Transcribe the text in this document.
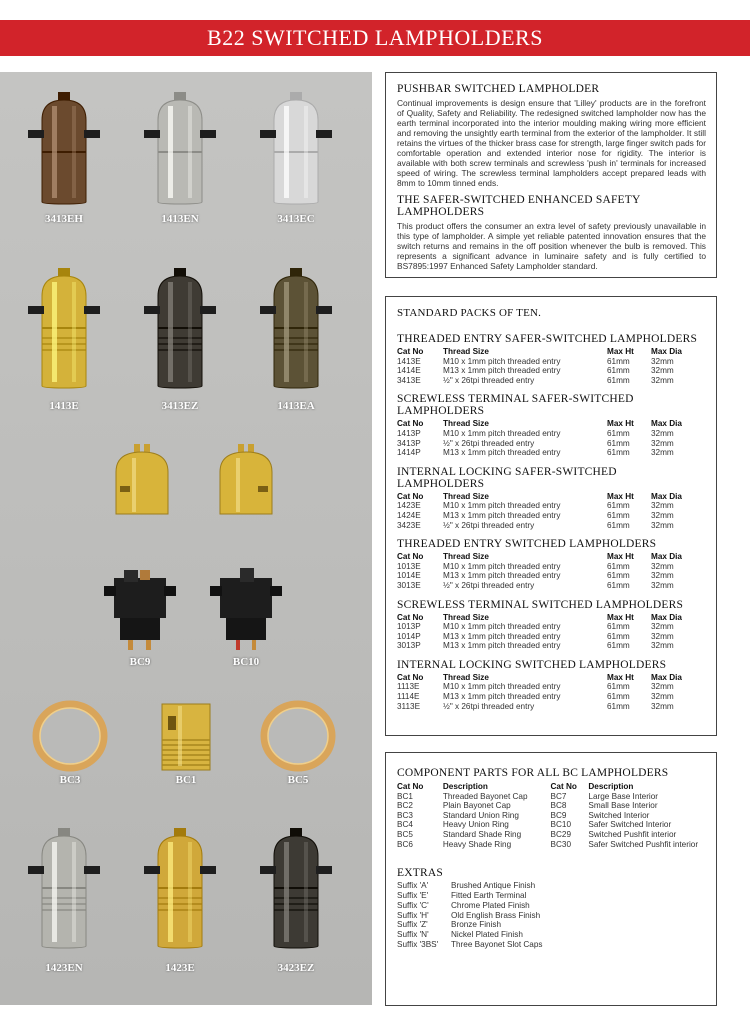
B22 SWITCHED LAMPHOLDERS
3413EH	1413EN	3413EC
1413E	3413EZ	1413EA
BC9	BC10
BC3	BC1	BC5
1423EN	1423E	3423EZ
PUSHBAR SWITCHED LAMPHOLDER

Continual improvements is design ensure that 'Lilley' products are in the forefront of Quality, Safety and Reliability. The redesigned switched lampholder now has the earth terminal incorporated into the interior moulding making wiring more efficient and removing the unsightly earth terminal from the exterior of the lampholder. It still retains the virtues of the thicker brass case for strength, large finger switch pads for comfortable operation and extended interior nose for rigidity. The interior is available with both screw terminals and screwless 'push in' terminals for increased speed of wiring. The screwless terminal lampholders accept prepared leads with 8mm to 10mm tinned ends.

THE SAFER-SWITCHED ENHANCED SAFETY LAMPHOLDERS

This product offers the consumer an extra level of safety previously unavailable in this type of lampholder. A simple yet reliable patented innovation ensures that the switch returns and remains in the off position whenever the bulb is removed. This represents a significant advance in luminaire safety and is fully certified to BS7895:1997 Enhanced Safety Lampholder standard.

STANDARD PACKS OF TEN.
THREADED ENTRY SAFER-SWITCHED LAMPHOLDERS
Cat No	Thread Size	Max Ht	Max Dia
1413E	M10 x 1mm pitch threaded entry	61mm	32mm
1414E	M13 x 1mm pitch threaded entry	61mm	32mm
3413E	½" x 26tpi threaded entry	61mm	32mm
SCREWLESS TERMINAL SAFER-SWITCHED LAMPHOLDERS
Cat No	Thread Size	Max Ht	Max Dia
1413P	M10 x 1mm pitch threaded entry	61mm	32mm
3413P	½" x 26tpi threaded entry	61mm	32mm
1414P	M13 x 1mm pitch threaded entry	61mm	32mm
INTERNAL LOCKING SAFER-SWITCHED LAMPHOLDERS
Cat No	Thread Size	Max Ht	Max Dia
1423E	M10 x 1mm pitch threaded entry	61mm	32mm
1424E	M13 x 1mm pitch threaded entry	61mm	32mm
3423E	½" x 26tpi threaded entry	61mm	32mm
THREADED ENTRY SWITCHED LAMPHOLDERS
Cat No	Thread Size	Max Ht	Max Dia
1013E	M10 x 1mm pitch threaded entry	61mm	32mm
1014E	M13 x 1mm pitch threaded entry	61mm	32mm
3013E	½" x 26tpi threaded entry	61mm	32mm
SCREWLESS TERMINAL SWITCHED LAMPHOLDERS
Cat No	Thread Size	Max Ht	Max Dia
1013P	M10 x 1mm pitch threaded entry	61mm	32mm
1014P	M13 x 1mm pitch threaded entry	61mm	32mm
3013P	M13 x 1mm pitch threaded entry	61mm	32mm
INTERNAL LOCKING SWITCHED LAMPHOLDERS
Cat No	Thread Size	Max Ht	Max Dia
1113E	M10 x 1mm pitch threaded entry	61mm	32mm
1114E	M13 x 1mm pitch threaded entry	61mm	32mm
3113E	½" x 26tpi threaded entry	61mm	32mm
COMPONENT PARTS FOR ALL BC LAMPHOLDERS
Cat No	Description	Cat No	Description
BC1	Threaded Bayonet Cap	BC7	Large Base Interior
BC2	Plain Bayonet Cap	BC8	Small Base Interior
BC3	Standard Union Ring	BC9	Switched Interior
BC4	Heavy Union Ring	BC10	Safer Switched Interior
BC5	Standard Shade Ring	BC29	Switched Pushfit interior
BC6	Heavy Shade Ring	BC30	Safer Switched Pushfit interior
EXTRAS
Suffix 'A'	Brushed Antique Finish
Suffix 'E'	Fitted Earth Terminal
Suffix 'C'	Chrome Plated Finish
Suffix 'H'	Old English Brass Finish
Suffix 'Z'	Bronze Finish
Suffix 'N'	Nickel Plated Finish
Suffix '3BS'	Three Bayonet Slot Caps
